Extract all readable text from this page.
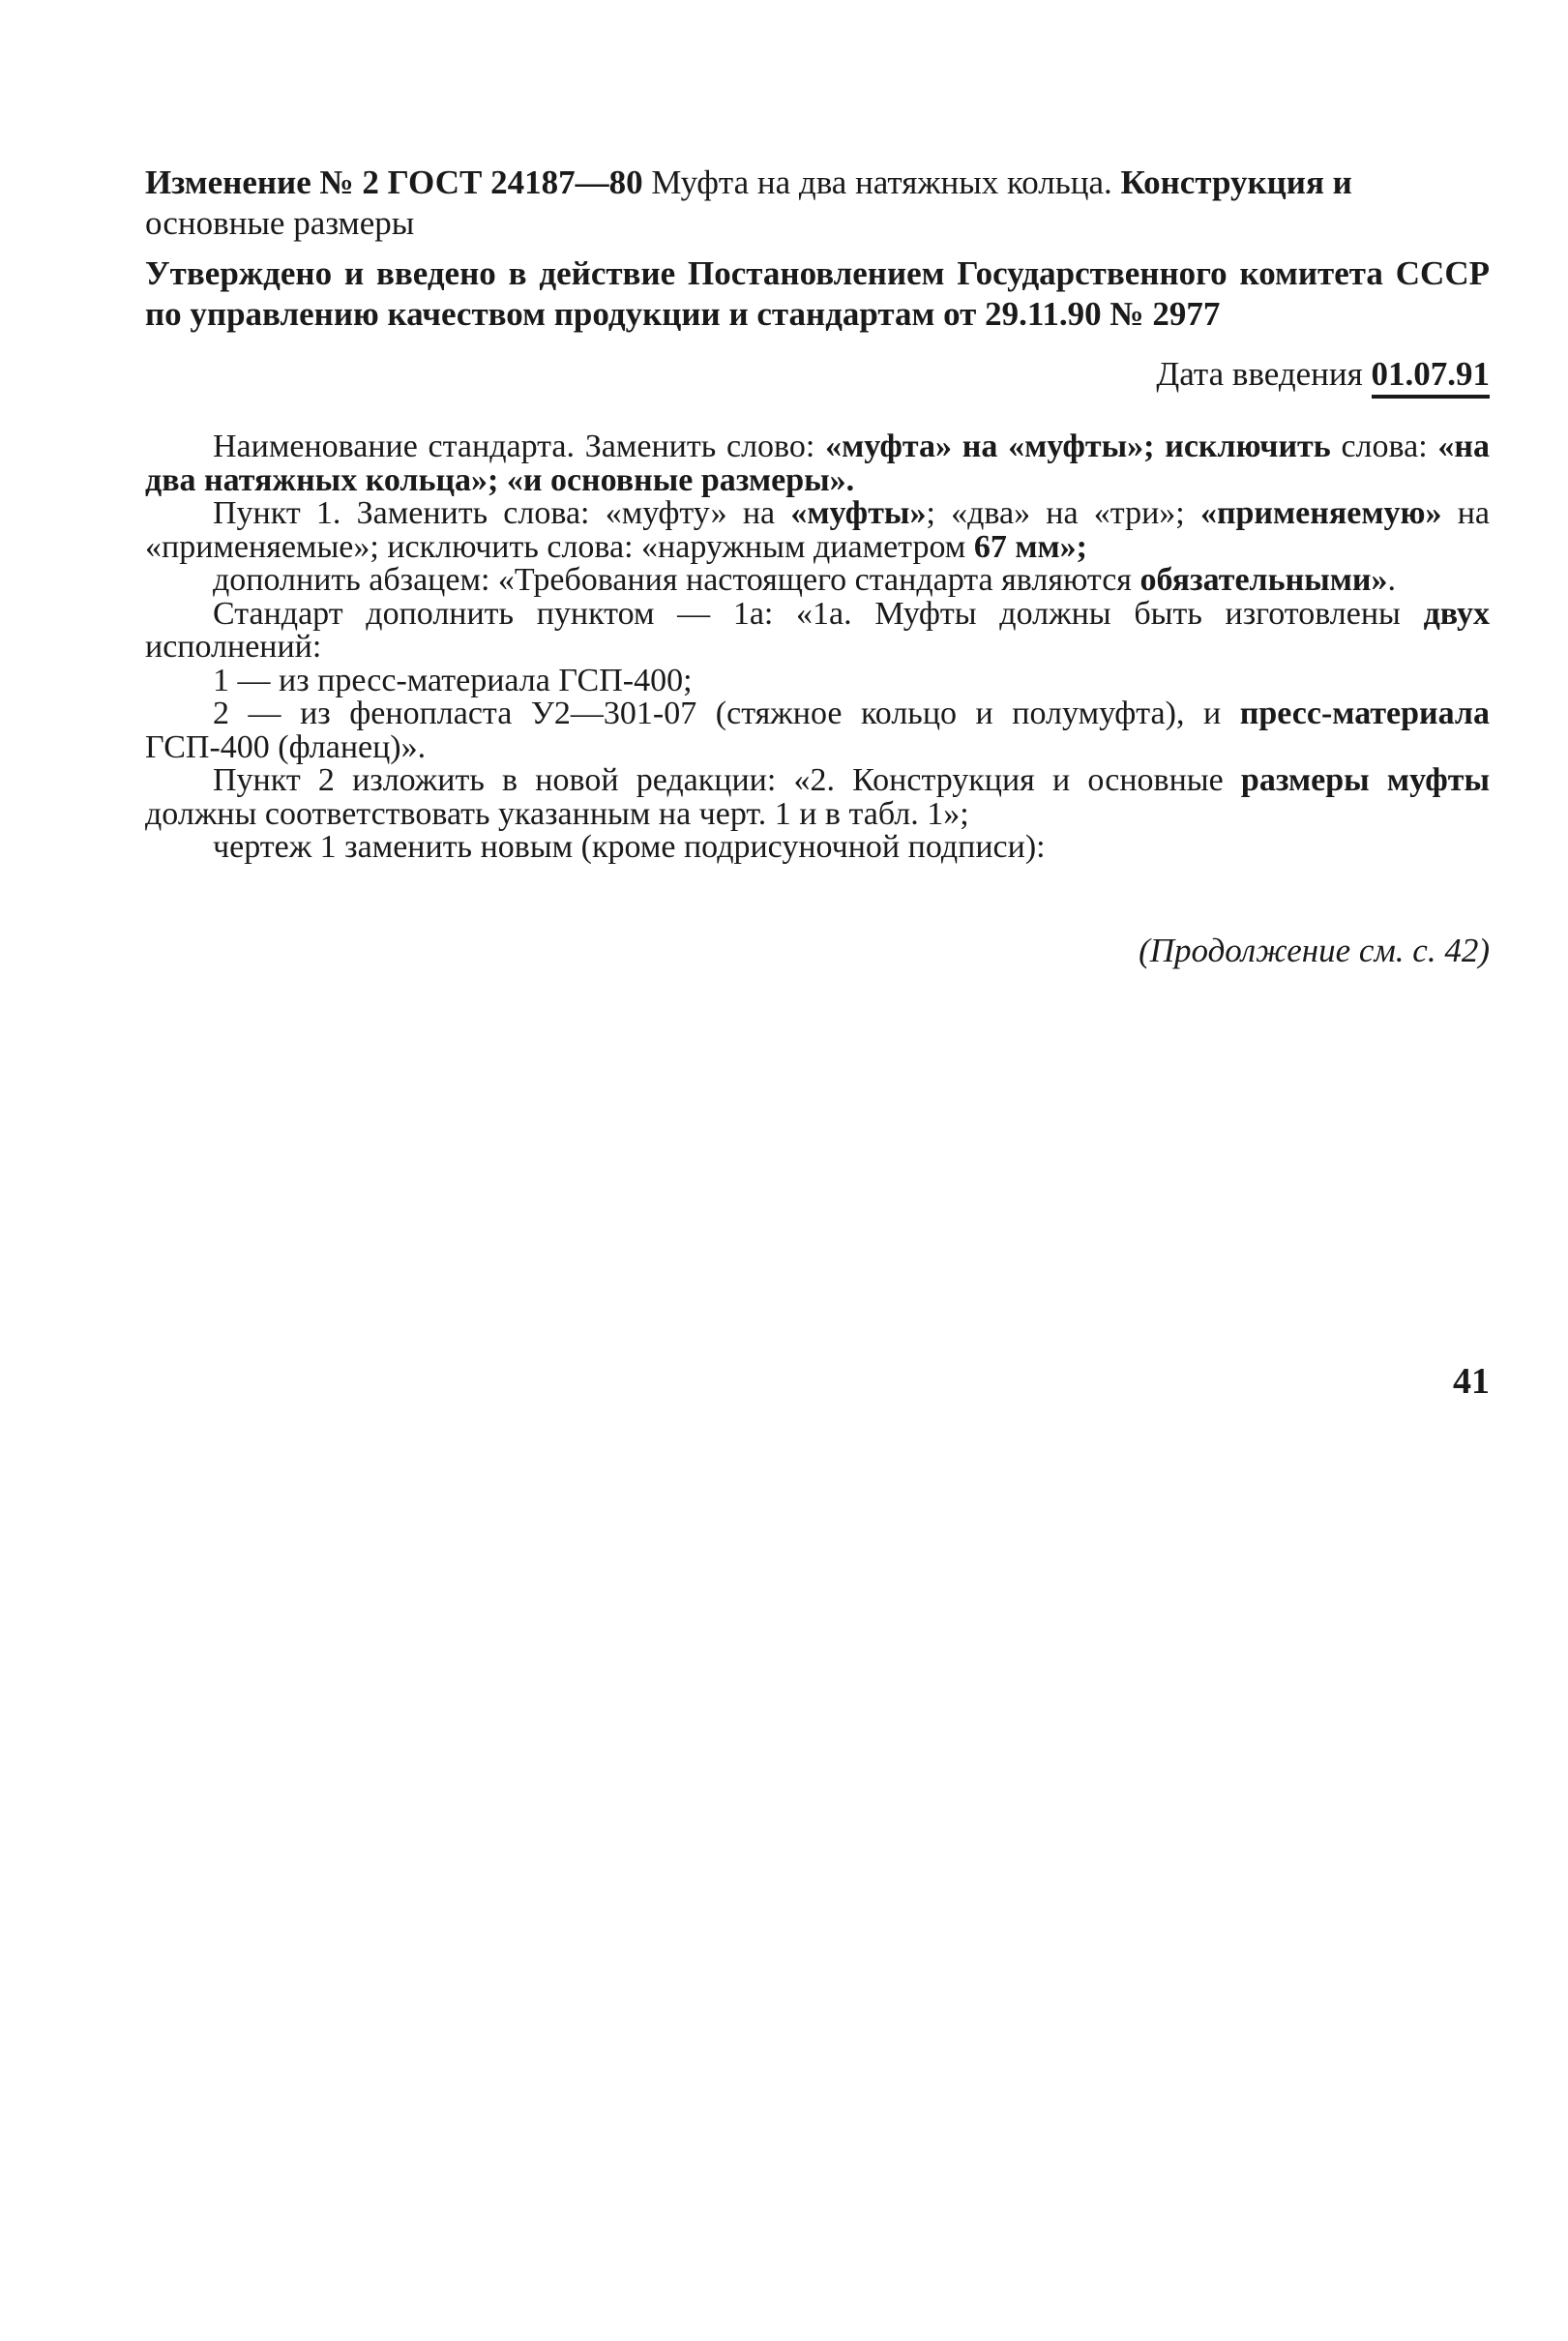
Изменение № 2 ГОСТ 24187—80 Муфта на два натяжных кольца. Конструкция и
основные размеры
Утверждено и введено в действие Постановлением Государственного комитета СССР по управлению качеством продукции и стандартам от 29.11.90 № 2977
Дата введения 01.07.91

Наименование стандарта. Заменить слово: «муфта» на «муфты»; исключить слова: «на два натяжных кольца»; «и основные размеры».

Пункт 1. Заменить слова: «муфту» на «муфты»; «два» на «три»; «применяемую» на «применяемые»; исключить слова: «наружным диаметром 67 мм»;

дополнить абзацем: «Требования настоящего стандарта являются обязательными».

Стандарт дополнить пунктом — 1а: «1а. Муфты должны быть изготовлены двух исполнений:

1 — из пресс-материала ГСП-400;

2 — из фенопласта У2—301-07 (стяжное кольцо и полумуфта), и пресс-материала ГСП-400 (фланец)».

Пункт 2 изложить в новой редакции: «2. Конструкция и основные размеры муфты должны соответствовать указанным на черт. 1 и в табл. 1»;

чертеж 1 заменить новым (кроме подрисуночной подписи):

(Продолжение см. с. 42)
41
